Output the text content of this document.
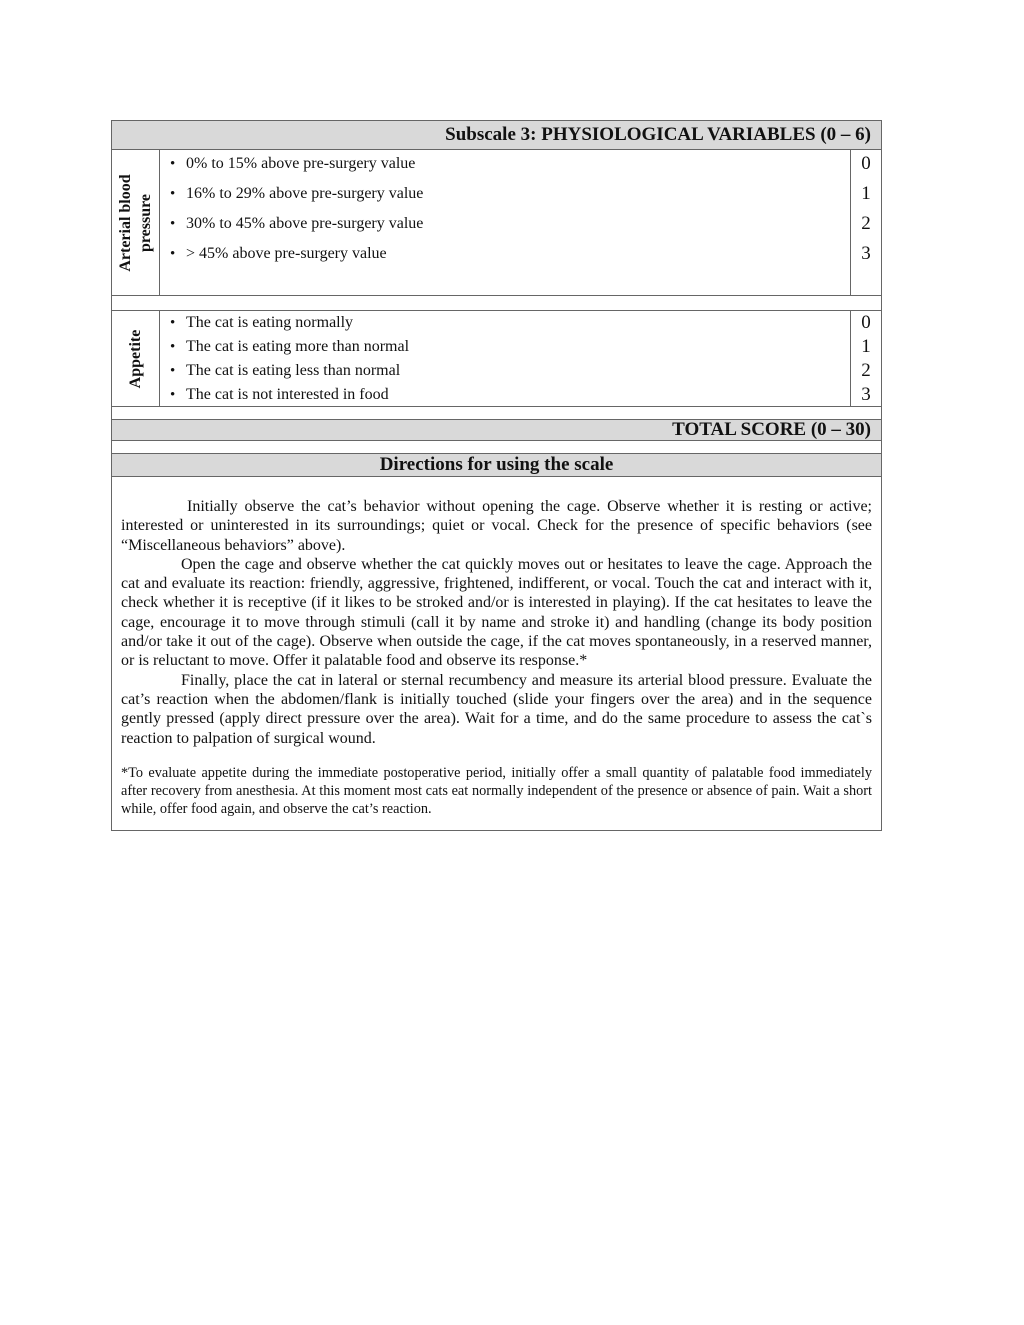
Subscale 3: PHYSIOLOGICAL VARIABLES (0 – 6)
Arterial blood pressure
• 0% to 15% above pre-surgery value
• 16% to 29% above pre-surgery value
• 30% to 45% above pre-surgery value
• > 45% above pre-surgery value
0
1
2
3
Appetite
• The cat is eating normally
• The cat is eating more than normal
• The cat is eating less than normal
• The cat is not interested in food
0
1
2
3
TOTAL SCORE (0 – 30)
Directions for using the scale

Initially observe the cat’s behavior without opening the cage. Observe whether it is resting or active; interested or uninterested in its surroundings; quiet or vocal. Check for the presence of specific behaviors (see “Miscellaneous behaviors” above).

Open the cage and observe whether the cat quickly moves out or hesitates to leave the cage. Approach the cat and evaluate its reaction: friendly, aggressive, frightened, indifferent, or vocal. Touch the cat and interact with it, check whether it is receptive (if it likes to be stroked and/or is interested in playing). If the cat hesitates to leave the cage, encourage it to move through stimuli (call it by name and stroke it) and handling (change its body position and/or take it out of the cage). Observe when outside the cage, if the cat moves spontaneously, in a reserved manner, or is reluctant to move. Offer it palatable food and observe its response.*

Finally, place the cat in lateral or sternal recumbency and measure its arterial blood pressure. Evaluate the cat’s reaction when the abdomen/flank is initially touched (slide your fingers over the area) and in the sequence gently pressed (apply direct pressure over the area). Wait for a time, and do the same procedure to assess the cat`s reaction to palpation of surgical wound.

*To evaluate appetite during the immediate postoperative period, initially offer a small quantity of palatable food immediately after recovery from anesthesia. At this moment most cats eat normally independent of the presence or absence of pain. Wait a short while, offer food again, and observe the cat’s reaction.
